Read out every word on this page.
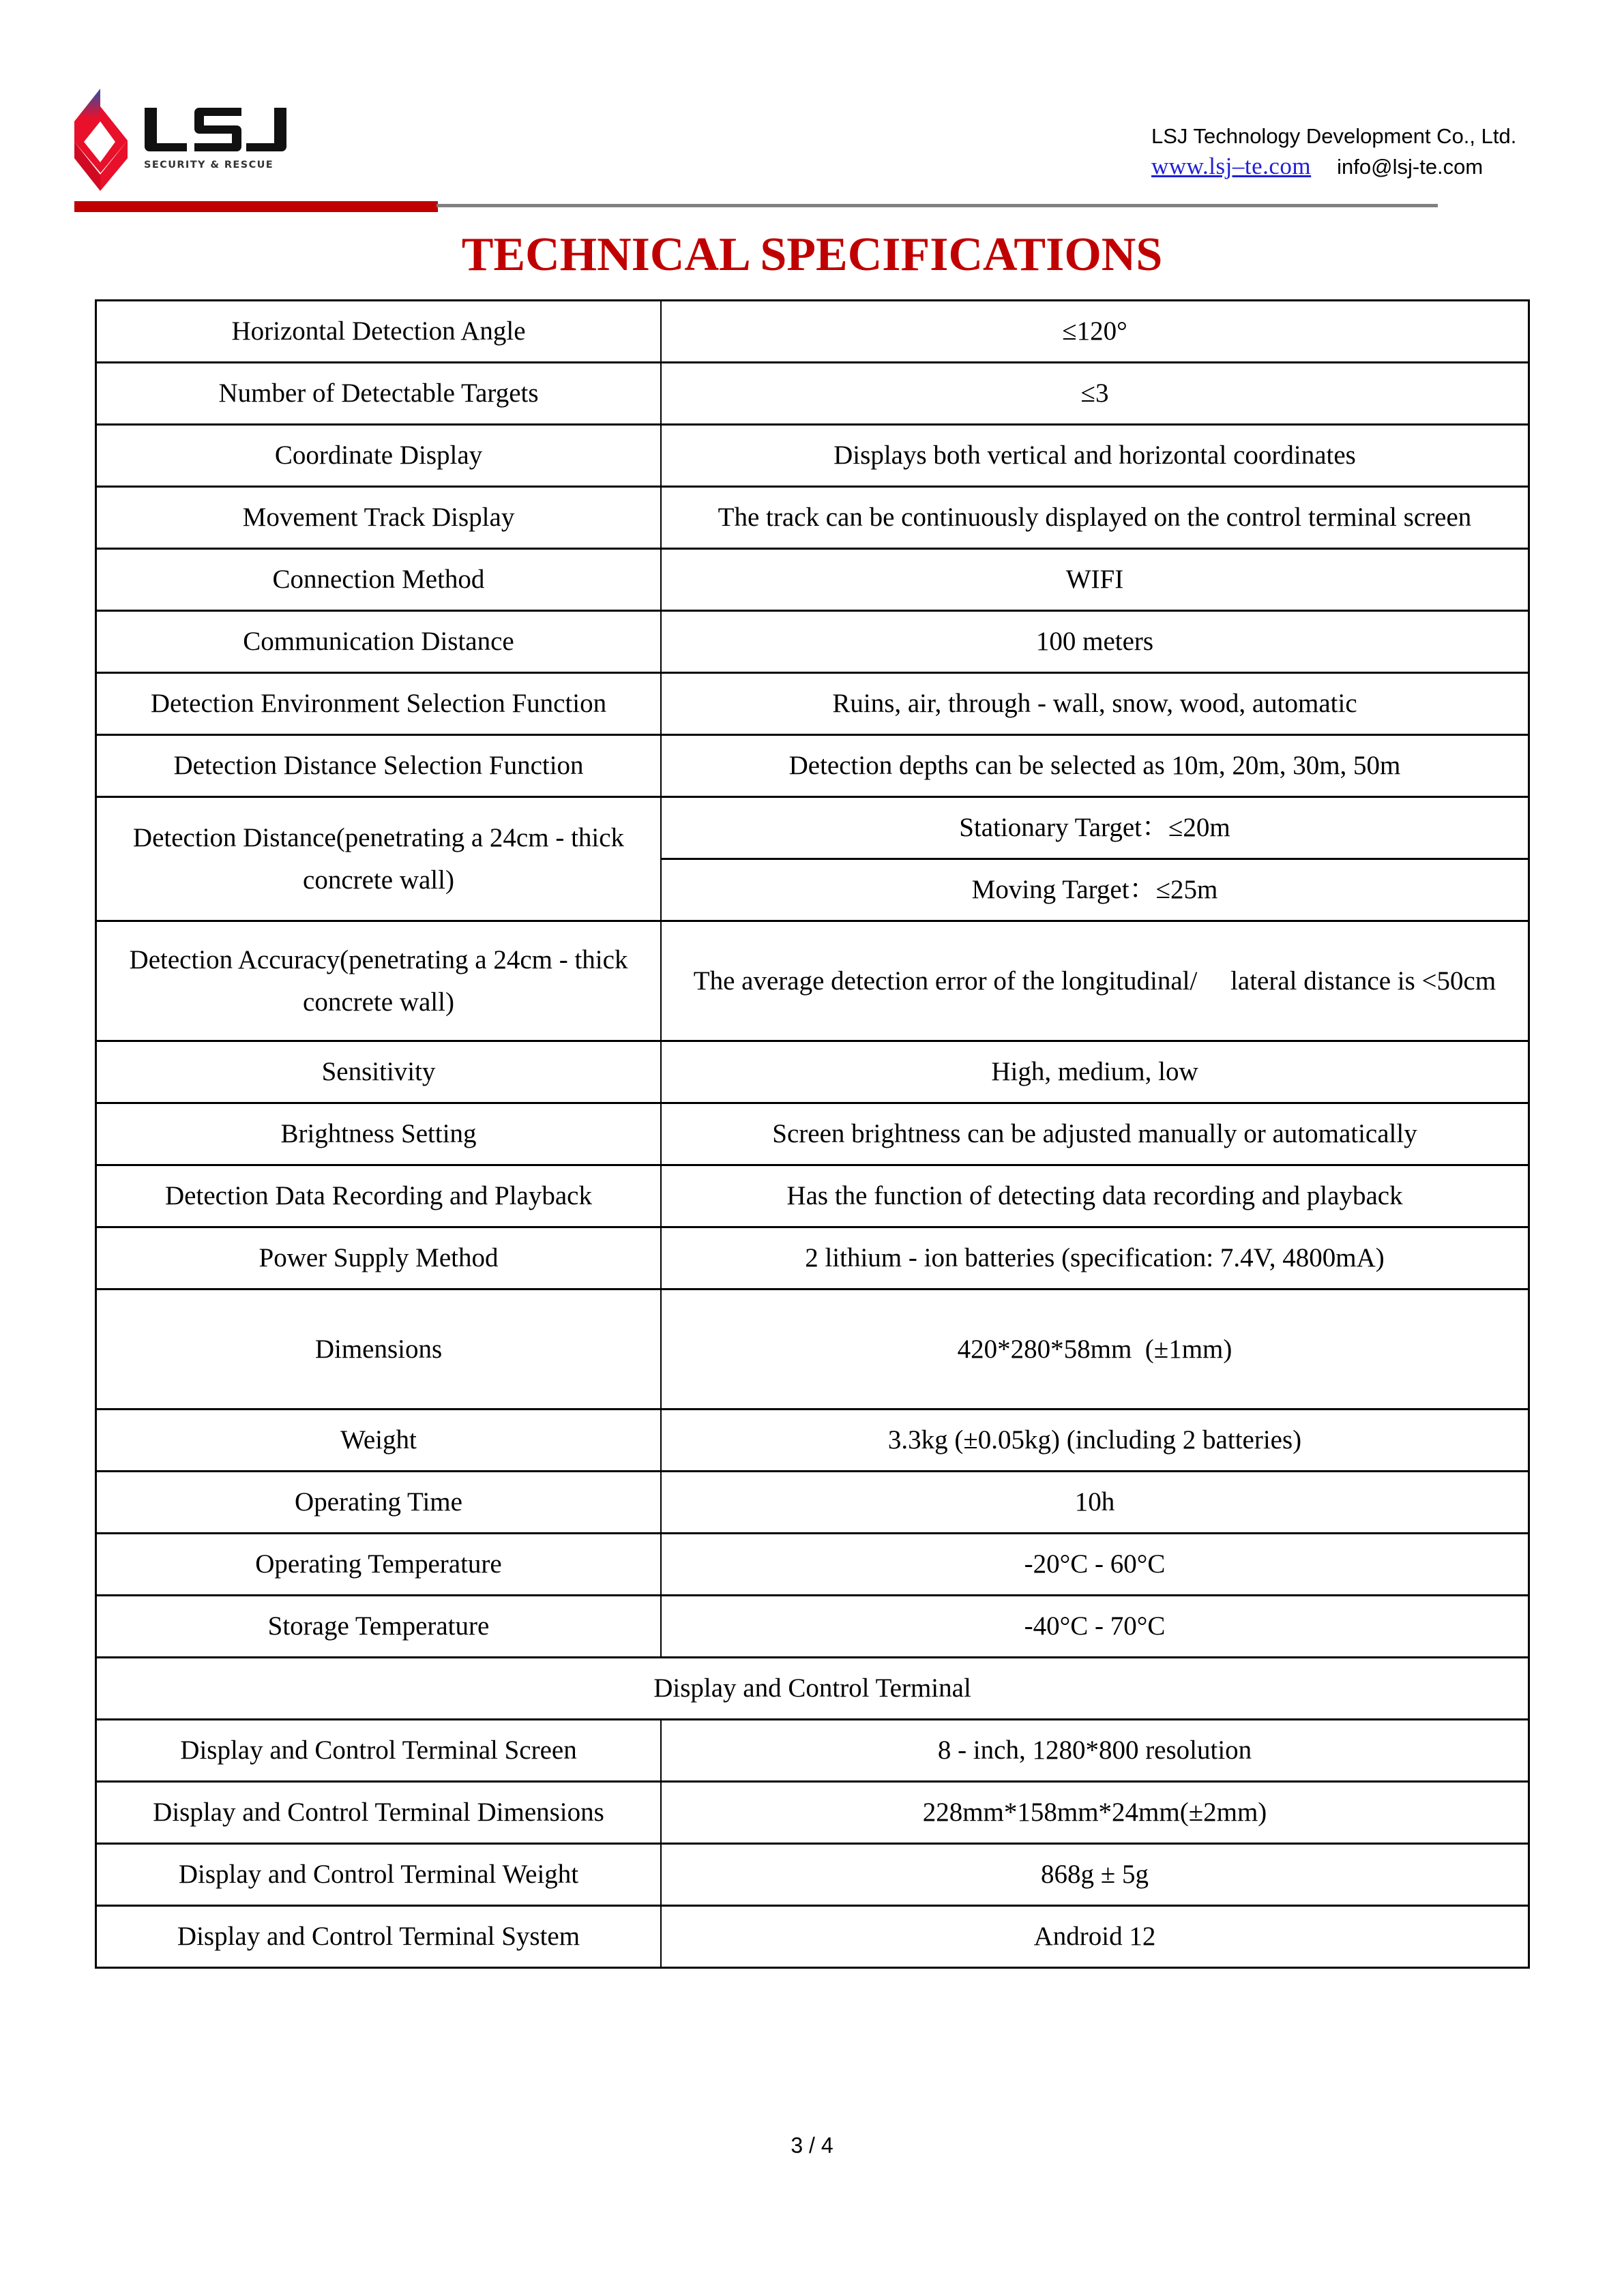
SECURITY & RESCUE
LSJ Technology Development Co., Ltd.
www.lsj–te.com info@lsj-te.com
TECHNICAL SPECIFICATIONS
Horizontal Detection Angle	≤120°
Number of Detectable Targets	≤3
Coordinate Display	Displays both vertical and horizontal coordinates
Movement Track Display	The track can be continuously displayed on the control terminal screen
Connection Method	WIFI
Communication Distance	100 meters
Detection Environment Selection Function	Ruins, air, through - wall, snow, wood, automatic
Detection Distance Selection Function	Detection depths can be selected as 10m, 20m, 30m, 50m
Detection Distance(penetrating a 24cm - thick concrete wall)	Stationary Target：≤20m
	Moving Target：≤25m
Detection Accuracy(penetrating a 24cm - thick concrete wall)	The average detection error of the longitudinal/  lateral distance is <50cm
Sensitivity	High, medium, low
Brightness Setting	Screen brightness can be adjusted manually or automatically
Detection Data Recording and Playback	Has the function of detecting data recording and playback
Power Supply Method	2 lithium - ion batteries (specification: 7.4V, 4800mA)
Dimensions	420*280*58mm  (±1mm)
Weight	3.3kg (±0.05kg) (including 2 batteries)
Operating Time	10h
Operating Temperature	-20°C - 60°C
Storage Temperature	-40°C - 70°C
Display and Control Terminal	
Display and Control Terminal Screen	8 - inch, 1280*800 resolution
Display and Control Terminal Dimensions	228mm*158mm*24mm(±2mm)
Display and Control Terminal Weight	868g ± 5g
Display and Control Terminal System	Android 12
3 / 4
